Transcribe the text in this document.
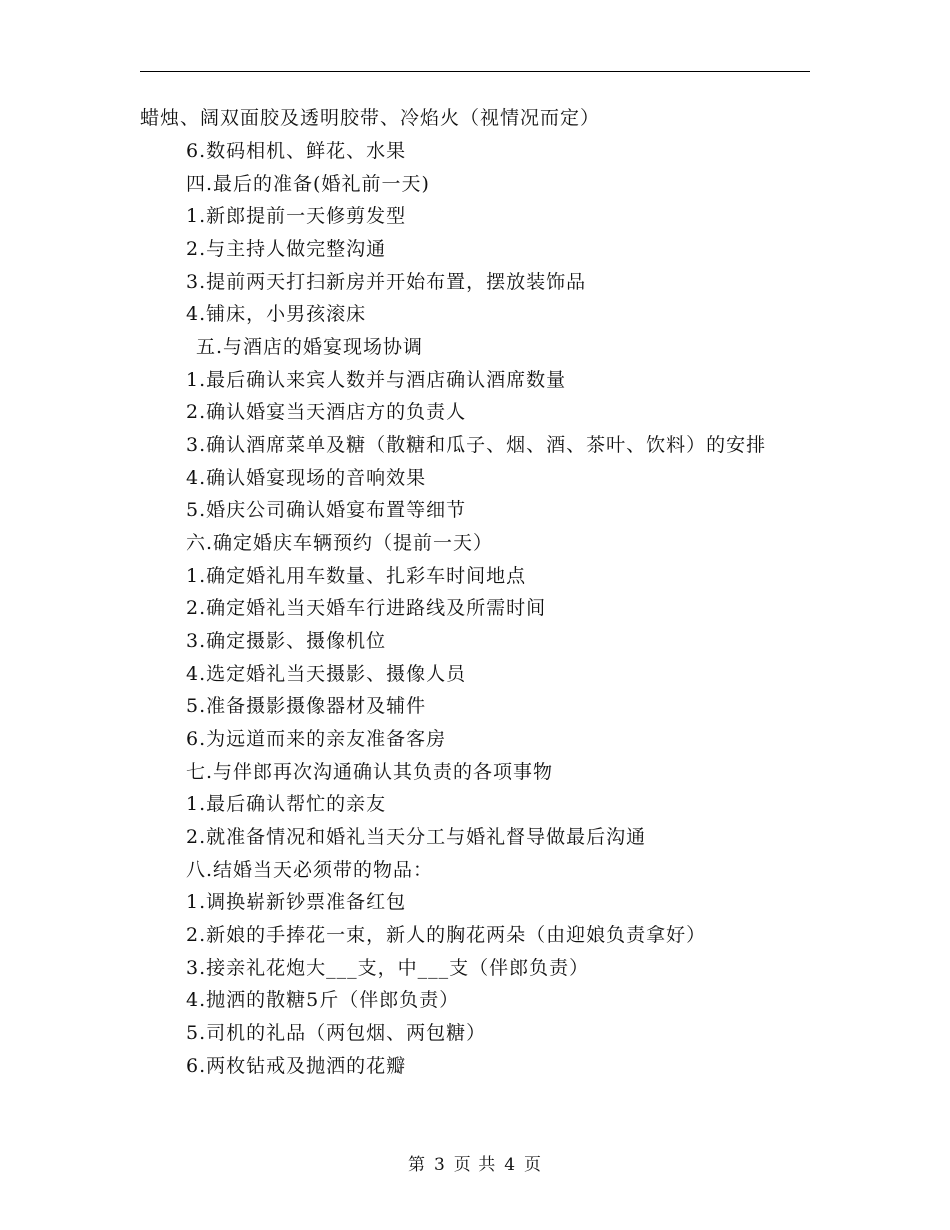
蜡烛、阔双面胶及透明胶带、冷焰火（视情况而定）
6.数码相机、鲜花、水果
四.最后的准备(婚礼前一天)
1.新郎提前一天修剪发型
2.与主持人做完整沟通
3.提前两天打扫新房并开始布置，摆放装饰品
4.铺床，小男孩滚床
五.与酒店的婚宴现场协调
1.最后确认来宾人数并与酒店确认酒席数量
2.确认婚宴当天酒店方的负责人
3.确认酒席菜单及糖（散糖和瓜子、烟、酒、茶叶、饮料）的安排
4.确认婚宴现场的音响效果
5.婚庆公司确认婚宴布置等细节
六.确定婚庆车辆预约（提前一天）
1.确定婚礼用车数量、扎彩车时间地点
2.确定婚礼当天婚车行进路线及所需时间
3.确定摄影、摄像机位
4.选定婚礼当天摄影、摄像人员
5.准备摄影摄像器材及辅件
6.为远道而来的亲友准备客房
七.与伴郎再次沟通确认其负责的各项事物
1.最后确认帮忙的亲友
2.就准备情况和婚礼当天分工与婚礼督导做最后沟通
八.结婚当天必须带的物品：
1.调换崭新钞票准备红包
2.新娘的手捧花一束，新人的胸花两朵（由迎娘负责拿好）
3.接亲礼花炮大___支，中___支（伴郎负责）
4.抛洒的散糖5斤（伴郎负责）
5.司机的礼品（两包烟、两包糖）
6.两枚钻戒及抛洒的花瓣
第 3 页 共 4 页
